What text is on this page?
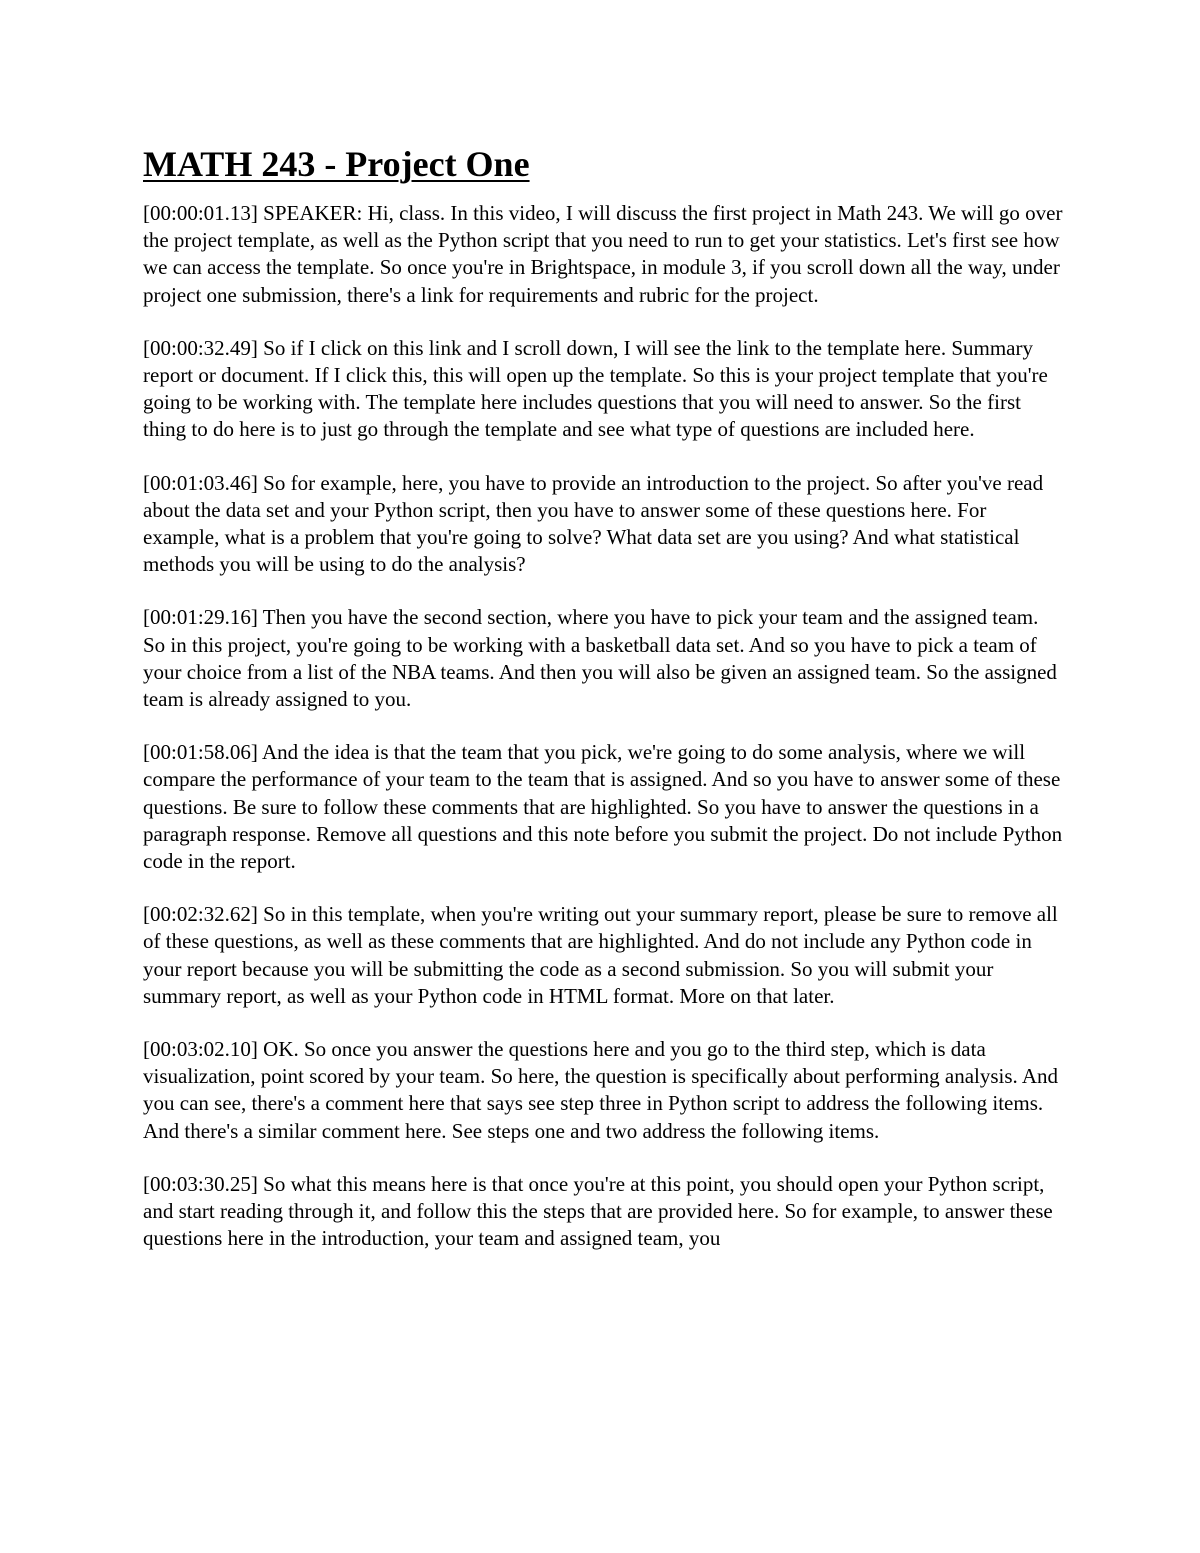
MATH 243 - Project One

[00:00:01.13] SPEAKER: Hi, class. In this video, I will discuss the first project in Math 243. We will go over the project template, as well as the Python script that you need to run to get your statistics. Let's first see how we can access the template. So once you're in Brightspace, in module 3, if you scroll down all the way, under project one submission, there's a link for requirements and rubric for the project.

[00:00:32.49] So if I click on this link and I scroll down, I will see the link to the template here. Summary report or document. If I click this, this will open up the template. So this is your project template that you're going to be working with. The template here includes questions that you will need to answer. So the first thing to do here is to just go through the template and see what type of questions are included here.

[00:01:03.46] So for example, here, you have to provide an introduction to the project. So after you've read about the data set and your Python script, then you have to answer some of these questions here. For example, what is a problem that you're going to solve? What data set are you using? And what statistical methods you will be using to do the analysis?

[00:01:29.16] Then you have the second section, where you have to pick your team and the assigned team. So in this project, you're going to be working with a basketball data set. And so you have to pick a team of your choice from a list of the NBA teams. And then you will also be given an assigned team. So the assigned team is already assigned to you.

[00:01:58.06] And the idea is that the team that you pick, we're going to do some analysis, where we will compare the performance of your team to the team that is assigned. And so you have to answer some of these questions. Be sure to follow these comments that are highlighted. So you have to answer the questions in a paragraph response. Remove all questions and this note before you submit the project. Do not include Python code in the report.

[00:02:32.62] So in this template, when you're writing out your summary report, please be sure to remove all of these questions, as well as these comments that are highlighted. And do not include any Python code in your report because you will be submitting the code as a second submission. So you will submit your summary report, as well as your Python code in HTML format. More on that later.

[00:03:02.10] OK. So once you answer the questions here and you go to the third step, which is data visualization, point scored by your team. So here, the question is specifically about performing analysis. And you can see, there's a comment here that says see step three in Python script to address the following items. And there's a similar comment here. See steps one and two address the following items.

[00:03:30.25] So what this means here is that once you're at this point, you should open your Python script, and start reading through it, and follow this the steps that are provided here. So for example, to answer these questions here in the introduction, your team and assigned team, you
